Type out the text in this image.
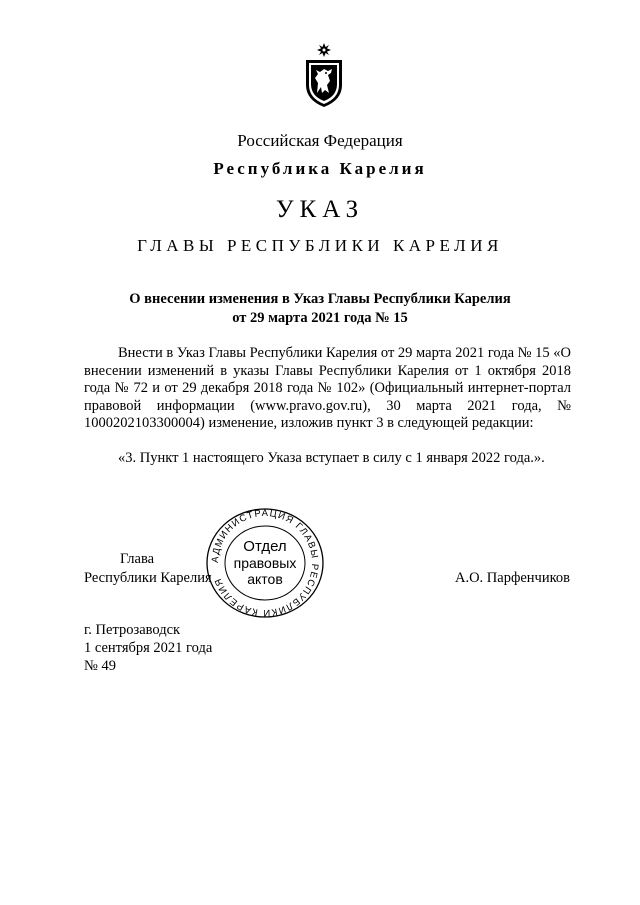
Российская Федерация
Республика Карелия
УКАЗ
ГЛАВЫ РЕСПУБЛИКИ КАРЕЛИЯ
О внесении изменения в Указ Главы Республики Карелия
от 29 марта 2021 года № 15
Внести в Указ Главы Республики Карелия от 29 марта 2021 года № 15 «О внесении изменений в указы Главы Республики Карелия от 1 октября 2018 года № 72 и от 29 декабря 2018 года № 102» (Официальный интернет-портал правовой информации (www.pravo.gov.ru), 30 марта 2021 года, № 1000202103300004) изменение, изложив пункт 3 в следующей редакции:
«3. Пункт 1 настоящего Указа вступает в силу с 1 января 2022 года.».
Глава
Республики Карелия	А.О. Парфенчиков
АДМИНИСТРАЦИЯ ГЛАВЫ РЕСПУБЛИКИ КАРЕЛИЯ
Отдел
правовых
актов
г. Петрозаводск
1 сентября 2021 года
№ 49
